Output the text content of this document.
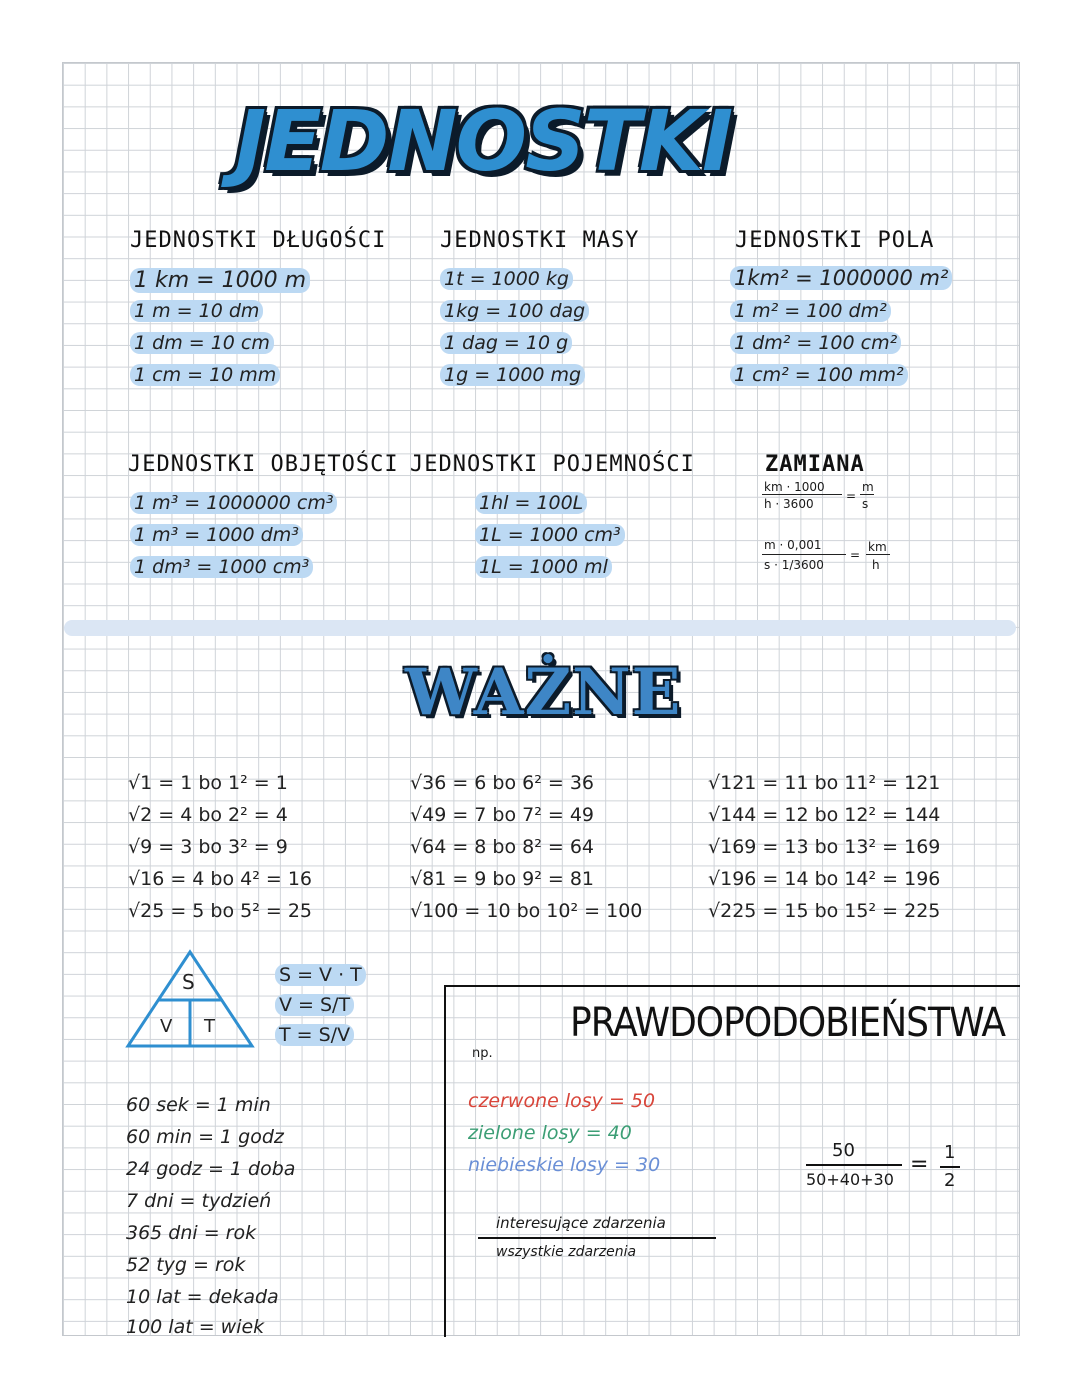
JEDNOSTKI
JEDNOSTKI DŁUGOŚCI
1 km = 1000 m
1 m = 10 dm
1 dm = 10 cm
1 cm = 10 mm
JEDNOSTKI MASY
1t = 1000 kg
1kg = 100 dag
1 dag = 10 g
1g = 1000 mg
JEDNOSTKI POLA
1km² = 1000000 m²
1 m² = 100 dm²
1 dm² = 100 cm²
1 cm² = 100 mm²
JEDNOSTKI OBJĘTOŚCI
1 m³ = 1000000 cm³
1 m³ = 1000 dm³
1 dm³ = 1000 cm³
JEDNOSTKI POJEMNOŚCI
1hl = 100L
1L = 1000 cm³
1L = 1000 ml
ZAMIANA
km · 1000
h · 3600
=
m
s
m · 0,001
s · 1/3600
=
km
h
WAŻNE
√1 = 1 bo 1² = 1
√2 = 4 bo 2² = 4
√9 = 3 bo 3² = 9
√16 = 4 bo 4² = 16
√25 = 5 bo 5² = 25
√36 = 6 bo 6² = 36
√49 = 7 bo 7² = 49
√64 = 8 bo 8² = 64
√81 = 9 bo 9² = 81
√100 = 10 bo 10² = 100
√121 = 11 bo 11² = 121
√144 = 12 bo 12² = 144
√169 = 13 bo 13² = 169
√196 = 14 bo 14² = 196
√225 = 15 bo 15² = 225
S
V T
S = V · T
V = S/T
T = S/V
60 sek = 1 min
60 min = 1 godz
24 godz = 1 doba
7 dni = tydzień
365 dni = rok
52 tyg = rok
10 lat = dekada
100 lat = wiek
PRAWDOPODOBIEŃSTWA
np.
czerwone losy = 50
zielone losy = 40
niebieskie losy = 30
interesujące zdarzenia
wszystkie zdarzenia
50
50+40+30
= 1
2
